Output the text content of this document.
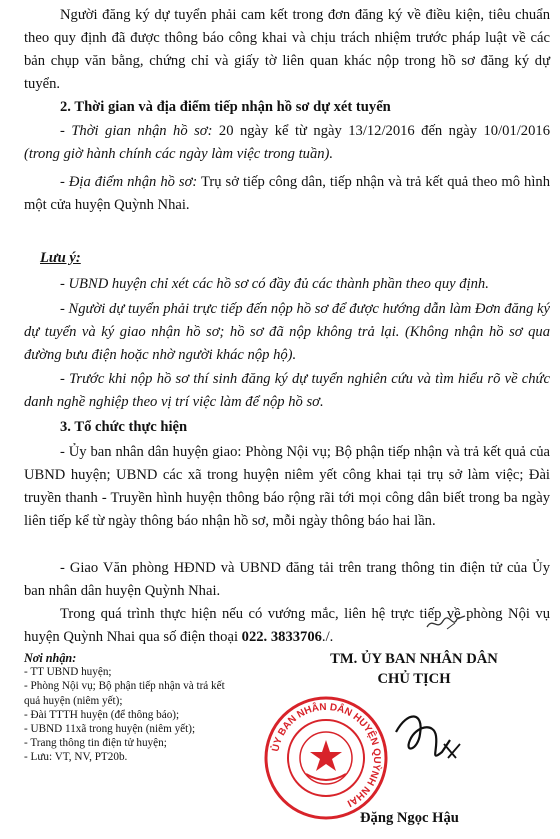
Người đăng ký dự tuyển phải cam kết trong đơn đăng ký về điều kiện, tiêu chuẩn theo quy định đã được thông báo công khai và chịu trách nhiệm trước pháp luật về các bản chụp văn bằng, chứng chỉ và giấy tờ liên quan khác nộp trong hồ sơ đăng ký dự tuyển.

2. Thời gian và địa điểm tiếp nhận hồ sơ dự xét tuyển

- Thời gian nhận hồ sơ: 20 ngày kể từ ngày 13/12/2016 đến ngày 10/01/2016 (trong giờ hành chính các ngày làm việc trong tuần).

- Địa điểm nhận hồ sơ: Trụ sở tiếp công dân, tiếp nhận và trả kết quả theo mô hình một cửa huyện Quỳnh Nhai.

Lưu ý:

- UBND huyện chỉ xét các hồ sơ có đầy đủ các thành phần theo quy định.

- Người dự tuyển phải trực tiếp đến nộp hồ sơ để được hướng dẫn làm Đơn đăng ký dự tuyển và ký giao nhận hồ sơ; hồ sơ đã nộp không trả lại. (Không nhận hồ sơ qua đường bưu điện hoặc nhờ người khác nộp hộ).

- Trước khi nộp hồ sơ thí sinh đăng ký dự tuyển nghiên cứu và tìm hiểu rõ về chức danh nghề nghiệp theo vị trí việc làm để nộp hồ sơ.

3. Tổ chức thực hiện

- Ủy ban nhân dân huyện giao: Phòng Nội vụ; Bộ phận tiếp nhận và trả kết quả của UBND huyện; UBND các xã trong huyện niêm yết công khai tại trụ sở làm việc; Đài truyền thanh - Truyền hình huyện thông báo rộng rãi tới mọi công dân biết trong ba ngày liên tiếp kể từ ngày thông báo nhận hồ sơ, mỗi ngày thông báo hai lần.

- Giao Văn phòng HĐND và UBND đăng tải trên trang thông tin điện tử của Ủy ban nhân dân huyện Quỳnh Nhai.

Trong quá trình thực hiện nếu có vướng mắc, liên hệ trực tiếp về phòng Nội vụ huyện Quỳnh Nhai qua số điện thoại 022. 3833706./.

Nơi nhận:
- TT UBND huyện;
- Phòng Nội vụ; Bộ phận tiếp nhận và trả kết
quả huyện (niêm yết);
- Đài TTTH huyện (để thông báo);
- UBND 11xã trong huyện (niêm yết);
- Trang thông tin điện tử huyện;
- Lưu: VT, NV, PT20b.
TM. ỦY BAN NHÂN DÂN
CHỦ TỊCH
ỦY BAN NHÂN DÂN HUYỆN QUỲNH NHAI
Đặng Ngọc Hậu
